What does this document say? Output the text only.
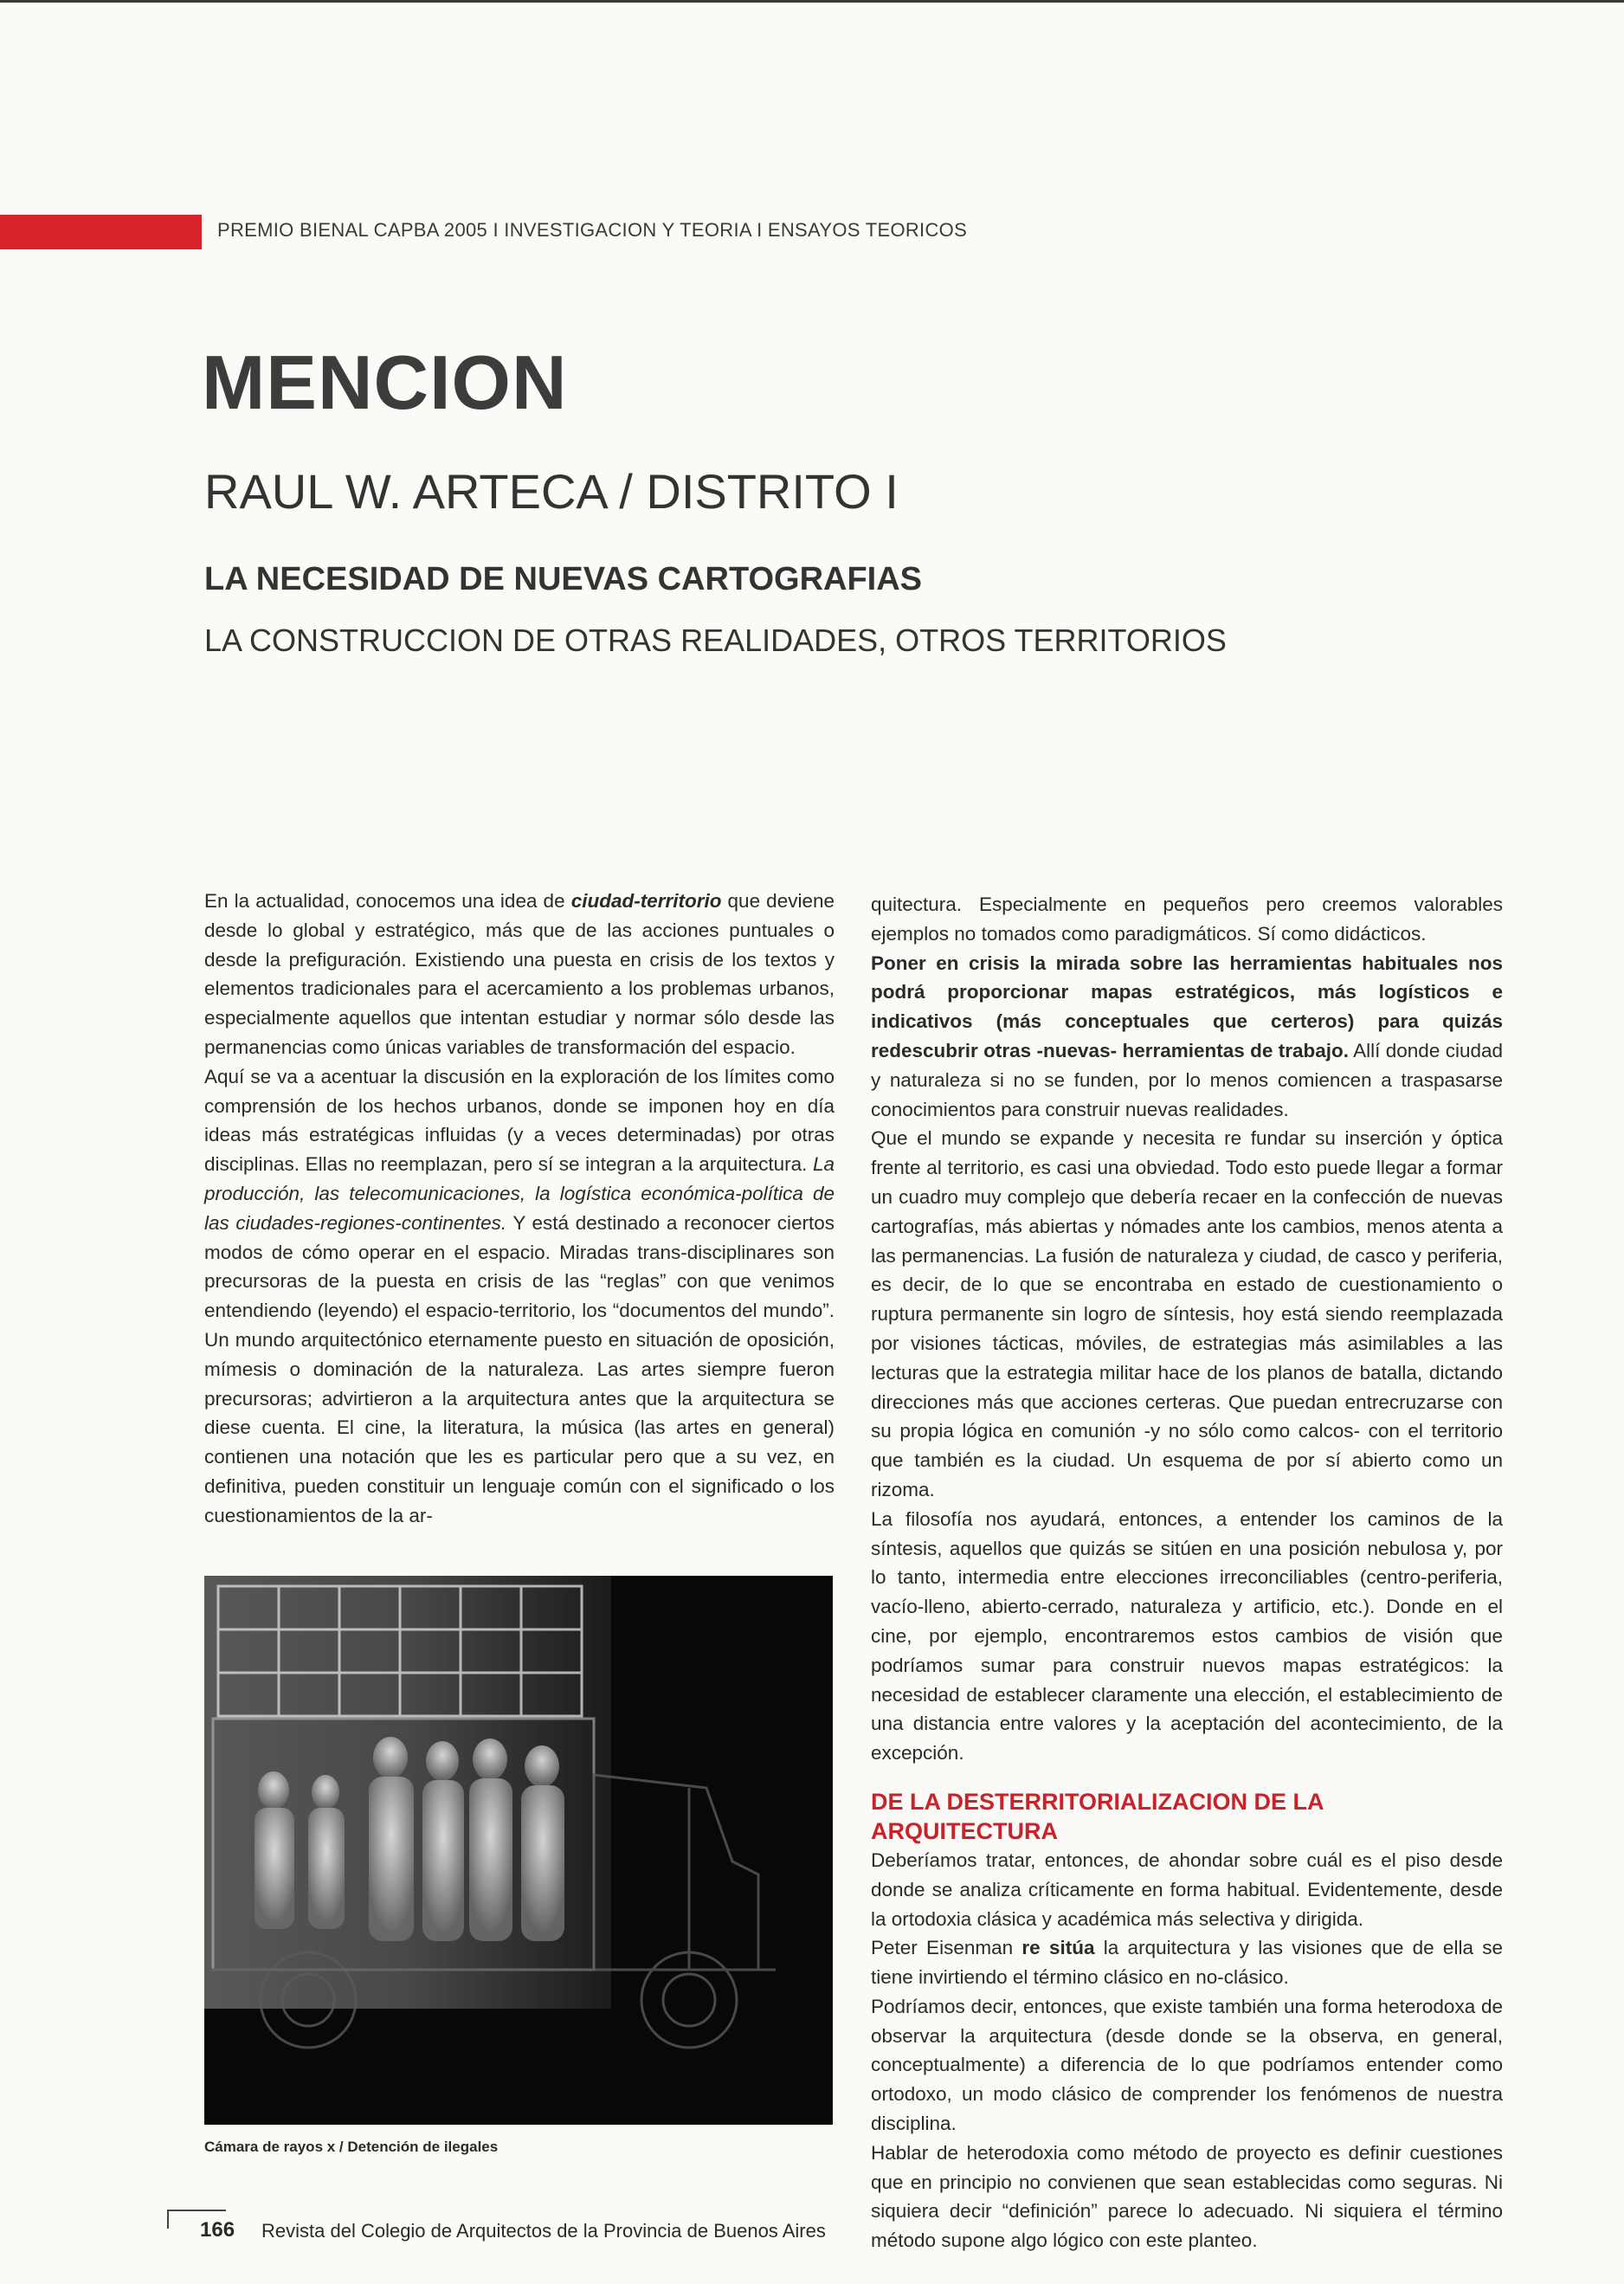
PREMIO BIENAL CAPBA 2005 I INVESTIGACION Y TEORIA I ENSAYOS TEORICOS
MENCION
RAUL W. ARTECA / DISTRITO I
LA NECESIDAD DE NUEVAS CARTOGRAFIAS
LA CONSTRUCCION DE OTRAS REALIDADES, OTROS TERRITORIOS

En la actualidad, conocemos una idea de ciudad-territorio que deviene desde lo global y estratégico, más que de las acciones puntuales o desde la prefiguración. Existiendo una puesta en crisis de los textos y elementos tradicionales para el acercamiento a los problemas urbanos, especialmente aquellos que intentan estudiar y normar sólo desde las permanencias como únicas variables de transformación del espacio.

Aquí se va a acentuar la discusión en la exploración de los límites como comprensión de los hechos urbanos, donde se imponen hoy en día ideas más estratégicas influidas (y a veces determinadas) por otras disciplinas. Ellas no reemplazan, pero sí se integran a la arquitectura. La producción, las telecomunicaciones, la logística económica-política de las ciudades-regiones-continentes. Y está destinado a reconocer ciertos modos de cómo operar en el espacio. Miradas trans-disciplinares son precursoras de la puesta en crisis de las “reglas” con que venimos entendiendo (leyendo) el espacio-territorio, los “documentos del mundo”. Un mundo arquitectónico eternamente puesto en situación de oposición, mímesis o dominación de la naturaleza. Las artes siempre fueron precursoras; advirtieron a la arquitectura antes que la arquitectura se diese cuenta. El cine, la literatura, la música (las artes en general) contienen una notación que les es particular pero que a su vez, en definitiva, pueden constituir un lenguaje común con el significado o los cuestionamientos de la ar-

Cámara de rayos x / Detención de ilegales

quitectura. Especialmente en pequeños pero creemos valorables ejemplos no tomados como paradigmáticos. Sí como didácticos.

Poner en crisis la mirada sobre las herramientas habituales nos podrá proporcionar mapas estratégicos, más logísticos e indicativos (más conceptuales que certeros) para quizás redescubrir otras -nuevas- herramientas de trabajo. Allí donde ciudad y naturaleza si no se funden, por lo menos comiencen a traspasarse conocimientos para construir nuevas realidades.

Que el mundo se expande y necesita re fundar su inserción y óptica frente al territorio, es casi una obviedad. Todo esto puede llegar a formar un cuadro muy complejo que debería recaer en la confección de nuevas cartografías, más abiertas y nómades ante los cambios, menos atenta a las permanencias. La fusión de naturaleza y ciudad, de casco y periferia, es decir, de lo que se encontraba en estado de cuestionamiento o ruptura permanente sin logro de síntesis, hoy está siendo reemplazada por visiones tácticas, móviles, de estrategias más asimilables a las lecturas que la estrategia militar hace de los planos de batalla, dictando direcciones más que acciones certeras. Que puedan entrecruzarse con su propia lógica en comunión -y no sólo como calcos- con el territorio que también es la ciudad. Un esquema de por sí abierto como un rizoma.

La filosofía nos ayudará, entonces, a entender los caminos de la síntesis, aquellos que quizás se sitúen en una posición nebulosa y, por lo tanto, intermedia entre elecciones irreconciliables (centro-periferia, vacío-lleno, abierto-cerrado, naturaleza y artificio, etc.). Donde en el cine, por ejemplo, encontraremos estos cambios de visión que podríamos sumar para construir nuevos mapas estratégicos: la necesidad de establecer claramente una elección, el establecimiento de una distancia entre valores y la aceptación del acontecimiento, de la excepción.

DE LA DESTERRITORIALIZACION DE LA ARQUITECTURA

Deberíamos tratar, entonces, de ahondar sobre cuál es el piso desde donde se analiza críticamente en forma habitual. Evidentemente, desde la ortodoxia clásica y académica más selectiva y dirigida.

Peter Eisenman re sitúa la arquitectura y las visiones que de ella se tiene invirtiendo el término clásico en no-clásico.

Podríamos decir, entonces, que existe también una forma heterodoxa de observar la arquitectura (desde donde se la observa, en general, conceptualmente) a diferencia de lo que podríamos entender como ortodoxo, un modo clásico de comprender los fenómenos de nuestra disciplina.

Hablar de heterodoxia como método de proyecto es definir cuestiones que en principio no convienen que sean establecidas como seguras. Ni siquiera decir “definición” parece lo adecuado. Ni siquiera el término método supone algo lógico con este planteo.

166 Revista del Colegio de Arquitectos de la Provincia de Buenos Aires
